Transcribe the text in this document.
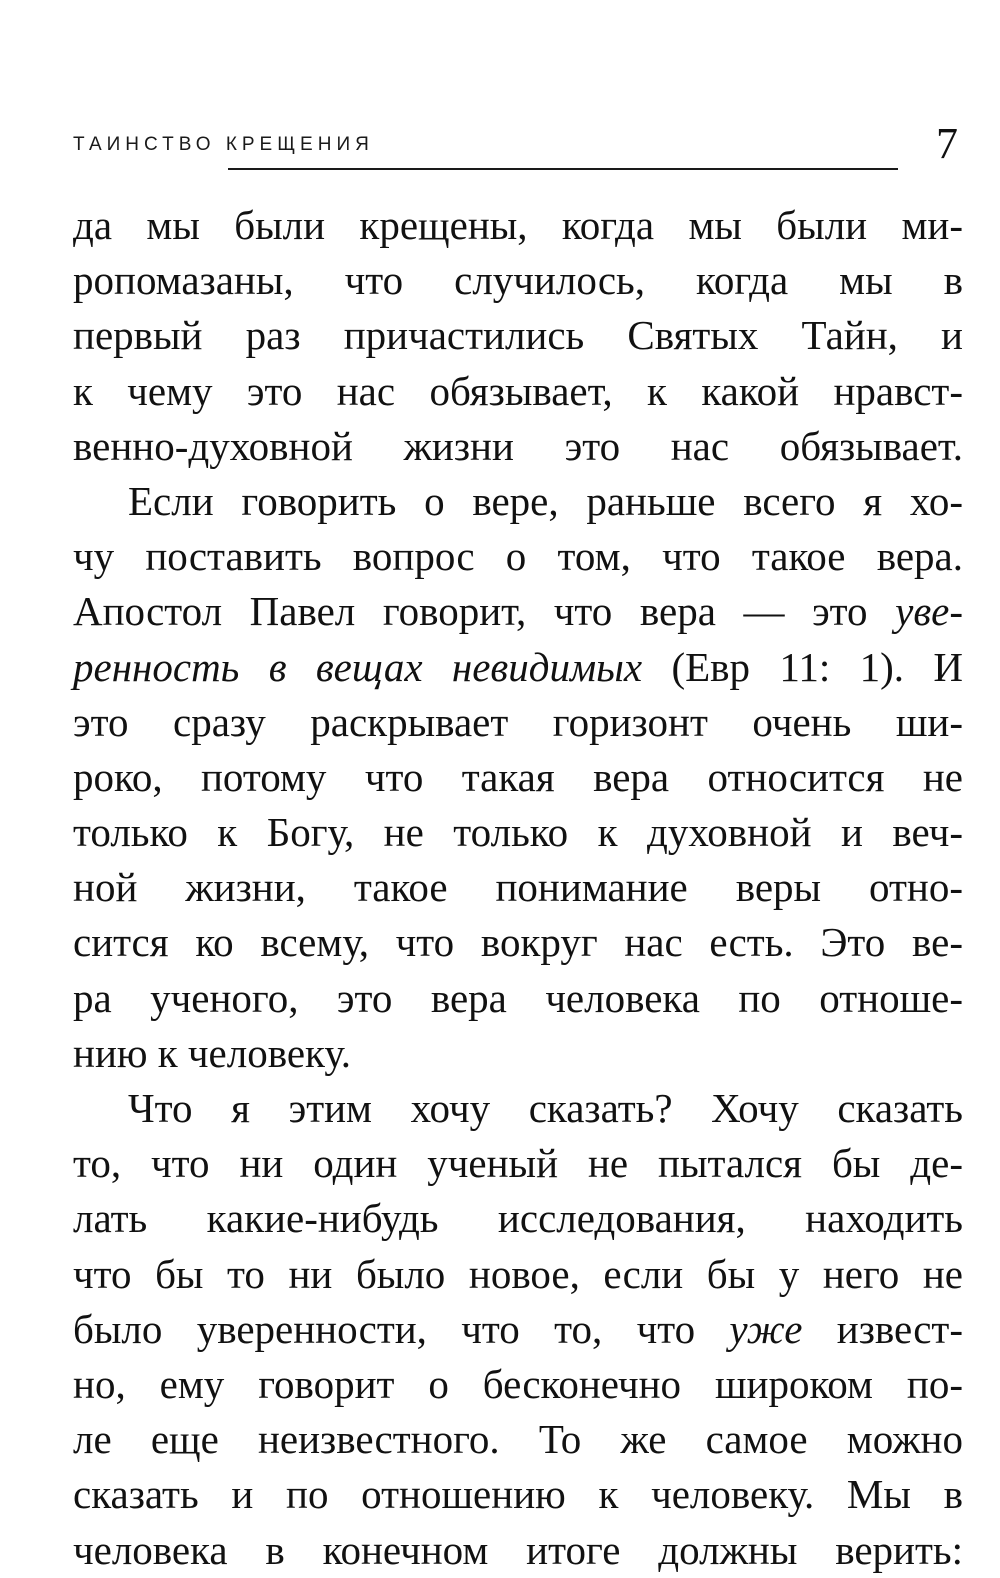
ТАИНСТВО КРЕЩЕНИЯ	7
да мы были крещены, когда мы были ми-
ропомазаны, что случилось, когда мы в
первый раз причастились Святых Тайн, и
к чему это нас обязывает, к какой нравст-
венно-духовной жизни это нас обязывает.
Если говорить о вере, раньше всего я хо-
чу поставить вопрос о том, что такое вера.
Апостол Павел говорит, что вера — это уве-
ренность в вещах невидимых (Евр 11: 1). И
это сразу раскрывает горизонт очень ши-
роко, потому что такая вера относится не
только к Богу, не только к духовной и веч-
ной жизни, такое понимание веры отно-
сится ко всему, что вокруг нас есть. Это ве-
ра ученого, это вера человека по отноше-
нию к человеку.
Что я этим хочу сказать? Хочу сказать
то, что ни один ученый не пытался бы де-
лать какие-нибудь исследования, находить
что бы то ни было новое, если бы у него не
было уверенности, что то, что уже извест-
но, ему говорит о бесконечно широком по-
ле еще неизвестного. То же самое можно
сказать и по отношению к человеку. Мы в
человека в конечном итоге должны верить:
